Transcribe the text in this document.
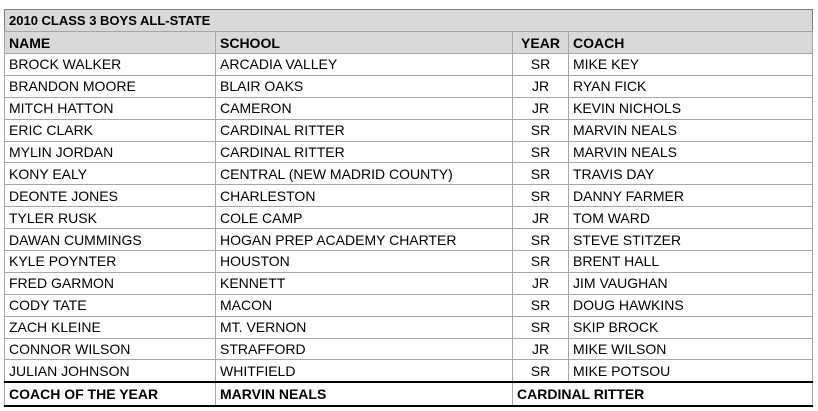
2010 CLASS 3 BOYS ALL-STATE			
NAME	SCHOOL	YEAR	COACH
BROCK WALKER	ARCADIA VALLEY	SR	MIKE KEY
BRANDON MOORE	BLAIR OAKS	JR	RYAN FICK
MITCH HATTON	CAMERON	JR	KEVIN NICHOLS
ERIC CLARK	CARDINAL RITTER	SR	MARVIN NEALS
MYLIN JORDAN	CARDINAL RITTER	SR	MARVIN NEALS
KONY EALY	CENTRAL (NEW MADRID COUNTY)	SR	TRAVIS DAY
DEONTE JONES	CHARLESTON	SR	DANNY FARMER
TYLER RUSK	COLE CAMP	JR	TOM WARD
DAWAN CUMMINGS	HOGAN PREP ACADEMY CHARTER	SR	STEVE STITZER
KYLE POYNTER	HOUSTON	SR	BRENT HALL
FRED GARMON	KENNETT	JR	JIM VAUGHAN
CODY TATE	MACON	SR	DOUG HAWKINS
ZACH KLEINE	MT. VERNON	SR	SKIP BROCK
CONNOR WILSON	STRAFFORD	JR	MIKE WILSON
JULIAN JOHNSON	WHITFIELD	SR	MIKE POTSOU
COACH OF THE YEAR	MARVIN NEALS	CARDINAL RITTER	
